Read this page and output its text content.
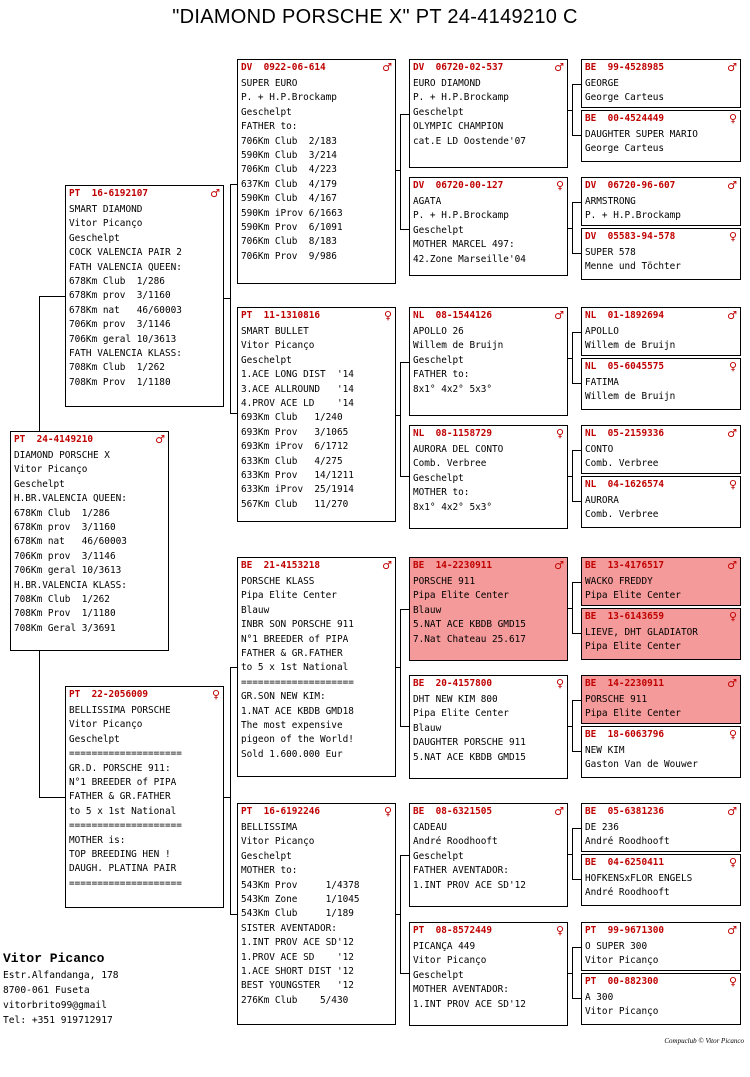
"DIAMOND PORSCHE X" PT 24-4149210 C
PT  24-4149210	♂
DIAMOND PORSCHE X
Vitor Picanço
Geschelpt
H.BR.VALENCIA QUEEN:
678Km Club  1/286
678Km prov  3/1160
678Km nat   46/60003
706Km prov  3/1146
706Km geral 10/3613
H.BR.VALENCIA KLASS:
708Km Club  1/262
708Km Prov  1/1180
708Km Geral 3/3691
PT  16-6192107	♂
SMART DIAMOND
Vitor Picanço
Geschelpt
COCK VALENCIA PAIR 2
FATH VALENCIA QUEEN:
678Km Club  1/286
678Km prov  3/1160
678Km nat   46/60003
706Km prov  3/1146
706Km geral 10/3613
FATH VALENCIA KLASS:
708Km Club  1/262
708Km Prov  1/1180
PT  22-2056009	♀
BELLISSIMA PORSCHE
Vitor Picanço
Geschelpt
====================
GR.D. PORSCHE 911:
N°1 BREEDER of PIPA
FATHER & GR.FATHER
to 5 x 1st National
====================
MOTHER is:
TOP BREEDING HEN !
DAUGH. PLATINA PAIR
====================
DV  0922-06-614	♂
SUPER EURO
P. + H.P.Brockamp
Geschelpt
FATHER to:
706Km Club  2/183
590Km Club  3/214
706Km Club  4/223
637Km Club  4/179
590Km Club  4/167
590Km iProv 6/1663
590Km Prov  6/1091
706Km Club  8/183
706Km Prov  9/986
PT  11-1310816	♀
SMART BULLET
Vitor Picanço
Geschelpt
1.ACE LONG DIST  '14
3.ACE ALLROUND   '14
4.PROV ACE LD    '14
693Km Club   1/240
693Km Prov   3/1065
693Km iProv  6/1712
633Km Club   4/275
633Km Prov   14/1211
633Km iProv  25/1914
567Km Club   11/270
BE  21-4153218	♂
PORSCHE KLASS
Pipa Elite Center
Blauw
INBR SON PORSCHE 911
N°1 BREEDER of PIPA
FATHER & GR.FATHER
to 5 x 1st National
====================
GR.SON NEW KIM:
1.NAT ACE KBDB GMD18
The most expensive
pigeon of the World!
Sold 1.600.000 Eur
PT  16-6192246	♀
BELLISSIMA
Vitor Picanço
Geschelpt
MOTHER to:
543Km Prov     1/4378
543Km Zone     1/1045
543Km Club     1/189
SISTER AVENTADOR:
1.INT PROV ACE SD'12
1.PROV ACE SD    '12
1.ACE SHORT DIST '12
BEST YOUNGSTER   '12
276Km Club    5/430
DV  06720-02-537	♂
EURO DIAMOND
P. + H.P.Brockamp
Geschelpt
OLYMPIC CHAMPION
cat.E LD Oostende'07
DV  06720-00-127	♀
AGATA
P. + H.P.Brockamp
Geschelpt
MOTHER MARCEL 497:
42.Zone Marseille'04
NL  08-1544126	♂
APOLLO 26
Willem de Bruijn
Geschelpt
FATHER to:
8x1° 4x2° 5x3°
NL  08-1158729	♀
AURORA DEL CONTO
Comb. Verbree
Geschelpt
MOTHER to:
8x1° 4x2° 5x3°
BE  14-2230911	♂
PORSCHE 911
Pipa Elite Center
Blauw
5.NAT ACE KBDB GMD15
7.Nat Chateau 25.617
BE  20-4157800	♀
DHT NEW KIM 800
Pipa Elite Center
Blauw
DAUGHTER PORSCHE 911
5.NAT ACE KBDB GMD15
BE  08-6321505	♂
CADEAU
André Roodhooft
Geschelpt
FATHER AVENTADOR:
1.INT PROV ACE SD'12
PT  08-8572449	♀
PICANÇA 449
Vitor Picanço
Geschelpt
MOTHER AVENTADOR:
1.INT PROV ACE SD'12
BE  99-4528985	♂
GEORGE
George Carteus
BE  00-4524449	♀
DAUGHTER SUPER MARIO
George Carteus
DV  06720-96-607	♂
ARMSTRONG
P. + H.P.Brockamp
DV  05583-94-578	♀
SUPER 578
Menne und Töchter
NL  01-1892694	♂
APOLLO
Willem de Bruijn
NL  05-6045575	♀
FATIMA
Willem de Bruijn
NL  05-2159336	♂
CONTO
Comb. Verbree
NL  04-1626574	♀
AURORA
Comb. Verbree
BE  13-4176517	♂
WACKO FREDDY
Pipa Elite Center
BE  13-6143659	♀
LIEVE, DHT GLADIATOR
Pipa Elite Center
BE  14-2230911	♂
PORSCHE 911
Pipa Elite Center
BE  18-6063796	♀
NEW KIM
Gaston Van de Wouwer
BE  05-6381236	♂
DE 236
André Roodhooft
BE  04-6250411	♀
HOFKENSxFLOR ENGELS
André Roodhooft
PT  99-9671300	♂
O SUPER 300
Vitor Picanço
PT  00-882300	♀
A 300
Vitor Picanço
Vitor Picanco
Estr.Alfandanga, 178
8700-061 Fuseta
vitorbrito99@gmail
Tel: +351 919712917
Compuclub © Vitor Picanco
